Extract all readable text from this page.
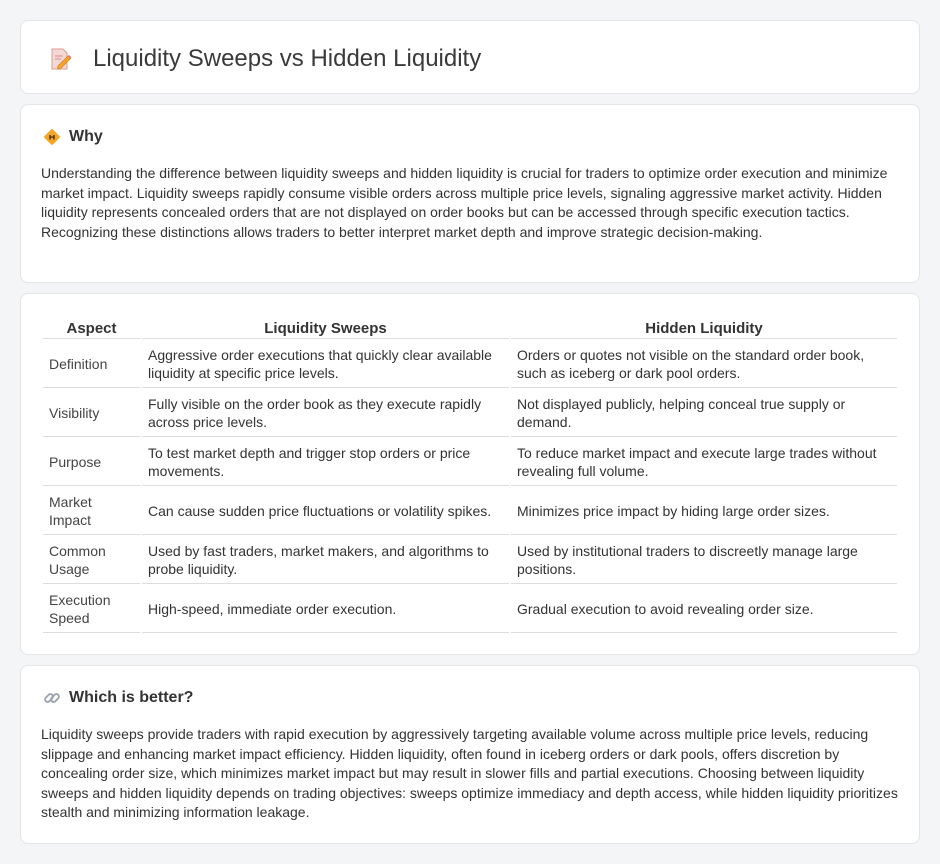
Liquidity Sweeps vs Hidden Liquidity
Why

Understanding the difference between liquidity sweeps and hidden liquidity is crucial for traders to optimize order execution and minimize market impact. Liquidity sweeps rapidly consume visible orders across multiple price levels, signaling aggressive market activity. Hidden liquidity represents concealed orders that are not displayed on order books but can be accessed through specific execution tactics. Recognizing these distinctions allows traders to better interpret market depth and improve strategic decision-making.

Aspect	Liquidity Sweeps	Hidden Liquidity
Definition	Aggressive order executions that quickly clear available liquidity at specific price levels.	Orders or quotes not visible on the standard order book, such as iceberg or dark pool orders.
Visibility	Fully visible on the order book as they execute rapidly across price levels.	Not displayed publicly, helping conceal true supply or demand.
Purpose	To test market depth and trigger stop orders or price movements.	To reduce market impact and execute large trades without revealing full volume.
Market Impact	Can cause sudden price fluctuations or volatility spikes.	Minimizes price impact by hiding large order sizes.
Common Usage	Used by fast traders, market makers, and algorithms to probe liquidity.	Used by institutional traders to discreetly manage large positions.
Execution Speed	High-speed, immediate order execution.	Gradual execution to avoid revealing order size.
Which is better?

Liquidity sweeps provide traders with rapid execution by aggressively targeting available volume across multiple price levels, reducing slippage and enhancing market impact efficiency. Hidden liquidity, often found in iceberg orders or dark pools, offers discretion by concealing order size, which minimizes market impact but may result in slower fills and partial executions. Choosing between liquidity sweeps and hidden liquidity depends on trading objectives: sweeps optimize immediacy and depth access, while hidden liquidity prioritizes stealth and minimizing information leakage.
